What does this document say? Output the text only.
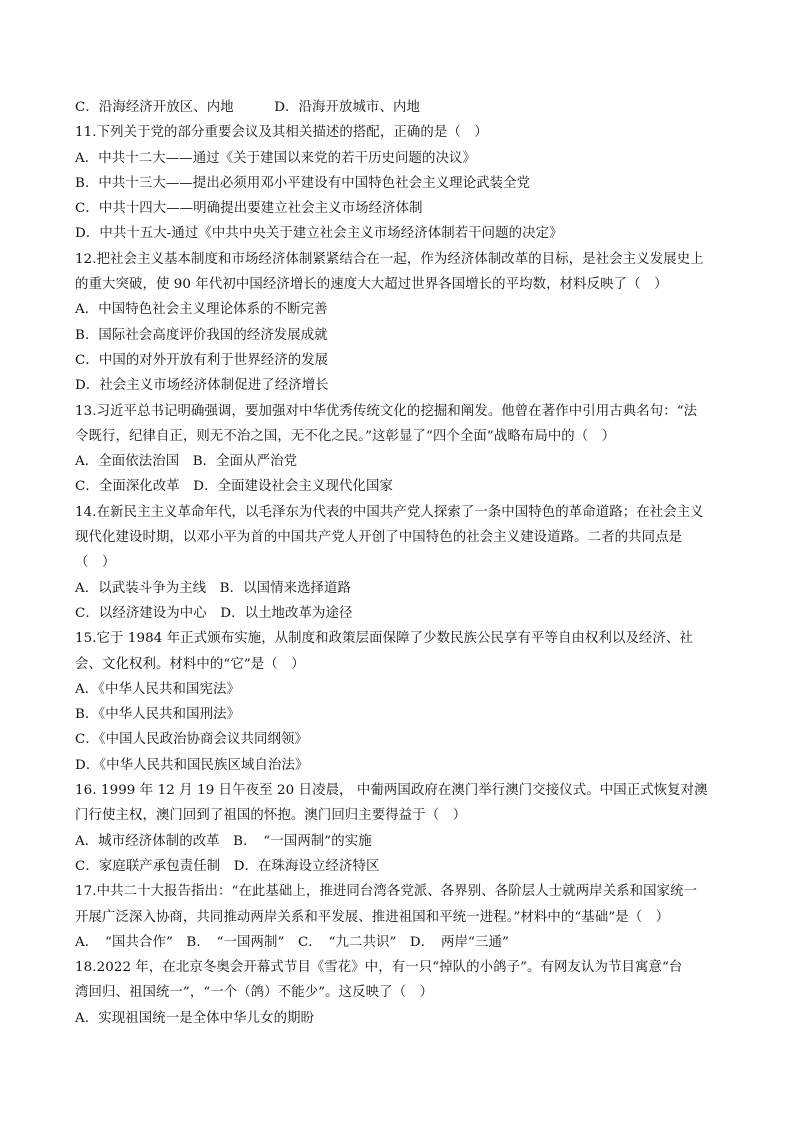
C．沿海经济开放区、内地　　　D．沿海开放城市、内地
11.下列关于党的部分重要会议及其相关描述的搭配，正确的是（　）
A．中共十二大——通过《关于建国以来党的若干历史问题的决议》
B．中共十三大——提出必须用邓小平建设有中国特色社会主义理论武装全党
C．中共十四大——明确提出要建立社会主义市场经济体制
D．中共十五大-通过《中共中央关于建立社会主义市场经济体制若干问题的决定》
12.把社会主义基本制度和市场经济体制紧紧结合在一起，作为经济体制改革的目标，是社会主义发展史上
的重大突破，使 90 年代初中国经济增长的速度大大超过世界各国增长的平均数，材料反映了（　）
A．中国特色社会主义理论体系的不断完善
B．国际社会高度评价我国的经济发展成就
C．中国的对外开放有利于世界经济的发展
D．社会主义市场经济体制促进了经济增长
13.习近平总书记明确强调，要加强对中华优秀传统文化的挖掘和阐发。他曾在著作中引用古典名句：“法
令既行，纪律自正，则无不治之国，无不化之民。”这彰显了“四个全面”战略布局中的（　）
A．全面依法治国　B．全面从严治党
C．全面深化改革　D．全面建设社会主义现代化国家
14.在新民主主义革命年代，以毛泽东为代表的中国共产党人探索了一条中国特色的革命道路；在社会主义
现代化建设时期，以邓小平为首的中国共产党人开创了中国特色的社会主义建设道路。二者的共同点是
（　）
A．以武装斗争为主线　B．以国情来选择道路
C．以经济建设为中心　D．以土地改革为途径
15.它于 1984 年正式颁布实施，从制度和政策层面保障了少数民族公民享有平等自由权利以及经济、社
会、文化权利。材料中的“它”是（　）
A．《中华人民共和国宪法》
B．《中华人民共和国刑法》
C．《中国人民政治协商会议共同纲领》
D．《中华人民共和国民族区域自治法》
16. 1999 年 12 月 19 日午夜至 20 日凌晨， 中葡两国政府在澳门举行澳门交接仪式。中国正式恢复对澳
门行使主权，澳门回到了祖国的怀抱。澳门回归主要得益于（　）
A．城市经济体制的改革　B．　“一国两制”的实施
C．家庭联产承包责任制　D．在珠海设立经济特区
17.中共二十大报告指出：“在此基础上，推进同台湾各党派、各界别、各阶层人士就两岸关系和国家统一
开展广泛深入协商，共同推动两岸关系和平发展、推进祖国和平统一进程。”材料中的“基础”是（　）
A．　“国共合作”　B．　“一国两制”　C．　“九二共识”　D．　两岸“三通”
18.2022 年，在北京冬奥会开幕式节目《雪花》中，有一只“掉队的小鸽子”。有网友认为节目寓意“台
湾回归、祖国统一”，“一个（鸽）不能少”。这反映了（　）
A．实现祖国统一是全体中华儿女的期盼
